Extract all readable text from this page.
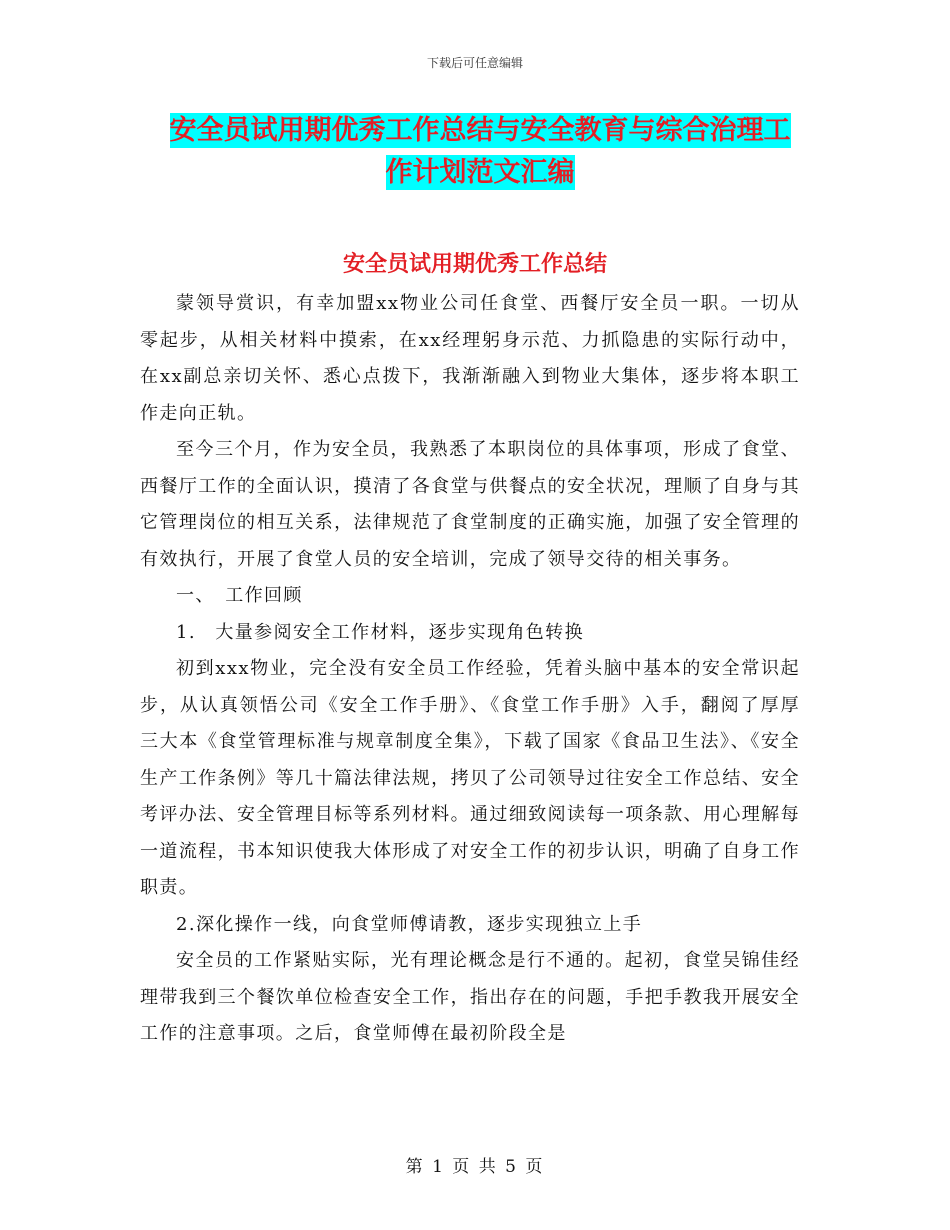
下载后可任意编辑
安全员试用期优秀工作总结与安全教育与综合治理工
作计划范文汇编
安全员试用期优秀工作总结

蒙领导赏识，有幸加盟xx物业公司任食堂、西餐厅安全员一职。一切从零起步，从相关材料中摸索，在xx经理躬身示范、力抓隐患的实际行动中，在xx副总亲切关怀、悉心点拨下，我渐渐融入到物业大集体，逐步将本职工作走向正轨。

至今三个月，作为安全员，我熟悉了本职岗位的具体事项，形成了食堂、西餐厅工作的全面认识，摸清了各食堂与供餐点的安全状况，理顺了自身与其它管理岗位的相互关系，法律规范了食堂制度的正确实施，加强了安全管理的有效执行，开展了食堂人员的安全培训，完成了领导交待的相关事务。

一、　工作回顾

1.　大量参阅安全工作材料，逐步实现角色转换

初到xxx物业，完全没有安全员工作经验，凭着头脑中基本的安全常识起步，从认真领悟公司《安全工作手册》、《食堂工作手册》入手，翻阅了厚厚三大本《食堂管理标准与规章制度全集》，下载了国家《食品卫生法》、《安全生产工作条例》等几十篇法律法规，拷贝了公司领导过往安全工作总结、安全考评办法、安全管理目标等系列材料。通过细致阅读每一项条款、用心理解每一道流程，书本知识使我大体形成了对安全工作的初步认识，明确了自身工作职责。

2.深化操作一线，向食堂师傅请教，逐步实现独立上手

安全员的工作紧贴实际，光有理论概念是行不通的。起初，食堂吴锦佳经理带我到三个餐饮单位检查安全工作，指出存在的问题，手把手教我开展安全工作的注意事项。之后，食堂师傅在最初阶段全是

第 1 页 共 5 页
